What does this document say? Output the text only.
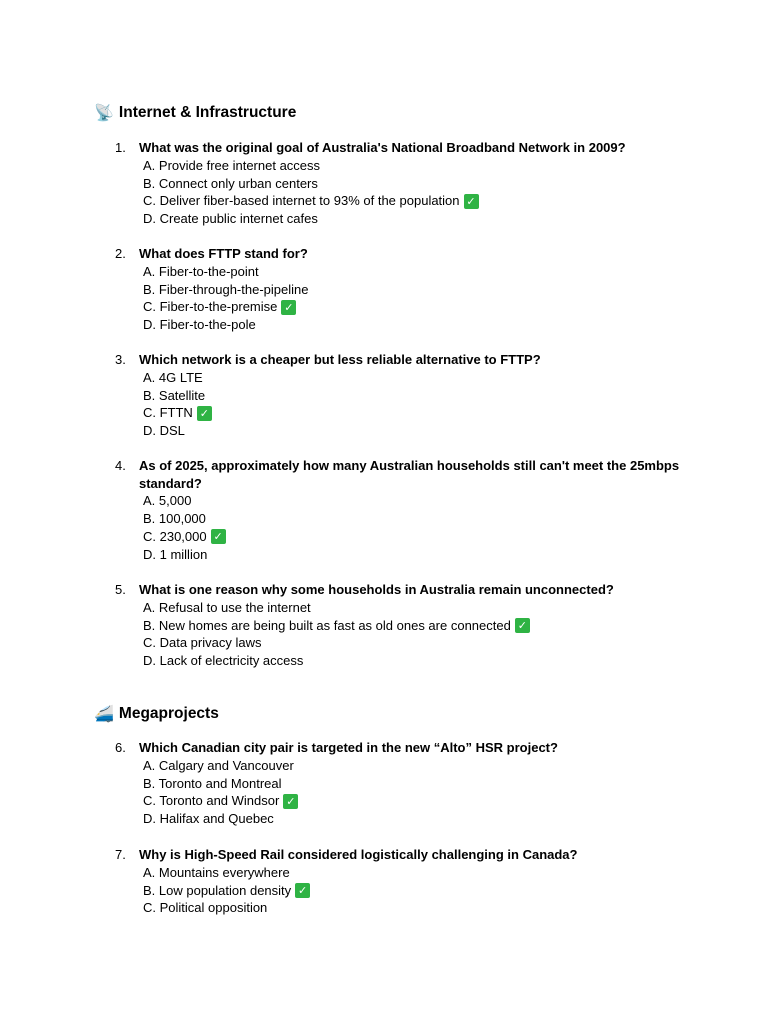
📡 Internet & Infrastructure
1.	What was the original goal of Australia's National Broadband Network in 2009?
A. Provide free internet access
B. Connect only urban centers
C. Deliver fiber-based internet to 93% of the population ✓
D. Create public internet cafes
2.	What does FTTP stand for?
A. Fiber-to-the-point
B. Fiber-through-the-pipeline
C. Fiber-to-the-premise ✓
D. Fiber-to-the-pole
3.	Which network is a cheaper but less reliable alternative to FTTP?
A. 4G LTE
B. Satellite
C. FTTN ✓
D. DSL
4.	As of 2025, approximately how many Australian households still can't meet the 25mbps standard?
A. 5,000
B. 100,000
C. 230,000 ✓
D. 1 million
5.	What is one reason why some households in Australia remain unconnected?
A. Refusal to use the internet
B. New homes are being built as fast as old ones are connected ✓
C. Data privacy laws
D. Lack of electricity access
🚄 Megaprojects
6.	Which Canadian city pair is targeted in the new “Alto” HSR project?
A. Calgary and Vancouver
B. Toronto and Montreal
C. Toronto and Windsor ✓
D. Halifax and Quebec
7.	Why is High-Speed Rail considered logistically challenging in Canada?
A. Mountains everywhere
B. Low population density ✓
C. Political opposition
